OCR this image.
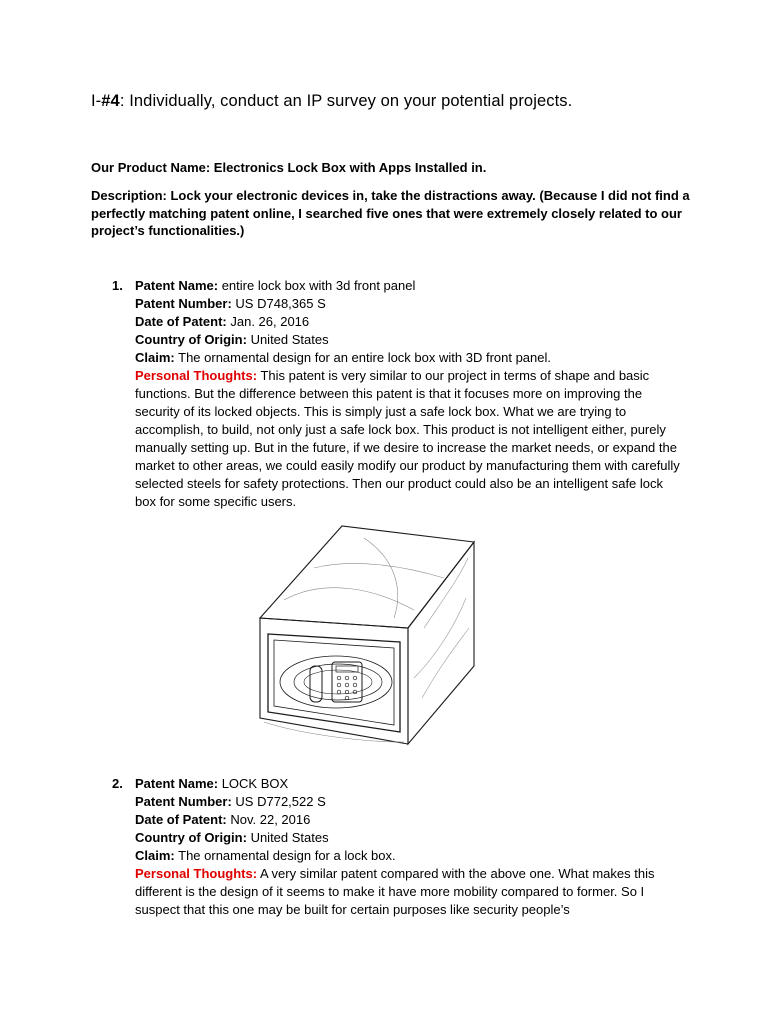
I-#4: Individually, conduct an IP survey on your potential projects.
Our Product Name: Electronics Lock Box with Apps Installed in.
Description: Lock your electronic devices in, take the distractions away. (Because I did not find a perfectly matching patent online, I searched five ones that were extremely closely related to our project’s functionalities.)
1. Patent Name: entire lock box with 3d front panel
Patent Number: US D748,365 S
Date of Patent: Jan. 26, 2016
Country of Origin: United States
Claim: The ornamental design for an entire lock box with 3D front panel.
Personal Thoughts: This patent is very similar to our project in terms of shape and basic functions. But the difference between this patent is that it focuses more on improving the security of its locked objects. This is simply just a safe lock box. What we are trying to accomplish, to build, not only just a safe lock box. This product is not intelligent either, purely manually setting up. But in the future, if we desire to increase the market needs, or expand the market to other areas, we could easily modify our product by manufacturing them with carefully selected steels for safety protections. Then our product could also be an intelligent safe lock box for some specific users.
2. Patent Name: LOCK BOX
Patent Number: US D772,522 S
Date of Patent: Nov. 22, 2016
Country of Origin: United States
Claim: The ornamental design for a lock box.
Personal Thoughts: A very similar patent compared with the above one. What makes this different is the design of it seems to make it have more mobility compared to former. So I suspect that this one may be built for certain purposes like security people’s
